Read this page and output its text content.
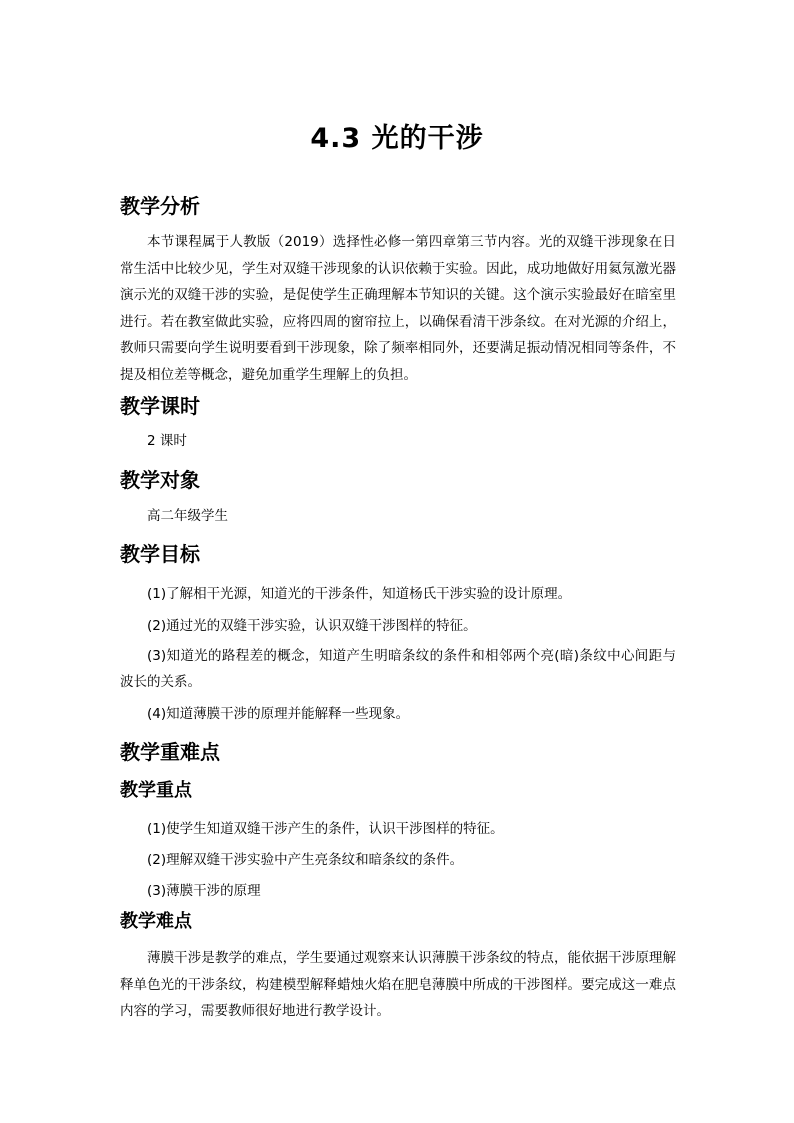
4.3 光的干涉
教学分析
本节课程属于人教版（2019）选择性必修一第四章第三节内容。光的双缝干涉现象在日常生活中比较少见，学生对双缝干涉现象的认识依赖于实验。因此，成功地做好用氦氖激光器演示光的双缝干涉的实验，是促使学生正确理解本节知识的关键。这个演示实验最好在暗室里进行。若在教室做此实验，应将四周的窗帘拉上，以确保看清干涉条纹。在对光源的介绍上，教师只需要向学生说明要看到干涉现象，除了频率相同外，还要满足振动情况相同等条件，不提及相位差等概念，避免加重学生理解上的负担。
教学课时
2 课时
教学对象
高二年级学生
教学目标
(1)了解相干光源，知道光的干涉条件，知道杨氏干涉实验的设计原理。
(2)通过光的双缝干涉实验，认识双缝干涉图样的特征。
(3)知道光的路程差的概念，知道产生明暗条纹的条件和相邻两个亮(暗)条纹中心间距与波长的关系。
(4)知道薄膜干涉的原理并能解释一些现象。
教学重难点
教学重点
(1)使学生知道双缝干涉产生的条件，认识干涉图样的特征。
(2)理解双缝干涉实验中产生亮条纹和暗条纹的条件。
(3)薄膜干涉的原理
教学难点
薄膜干涉是教学的难点，学生要通过观察来认识薄膜干涉条纹的特点，能依据干涉原理解释单色光的干涉条纹，构建模型解释蜡烛火焰在肥皂薄膜中所成的干涉图样。要完成这一难点内容的学习，需要教师很好地进行教学设计。
